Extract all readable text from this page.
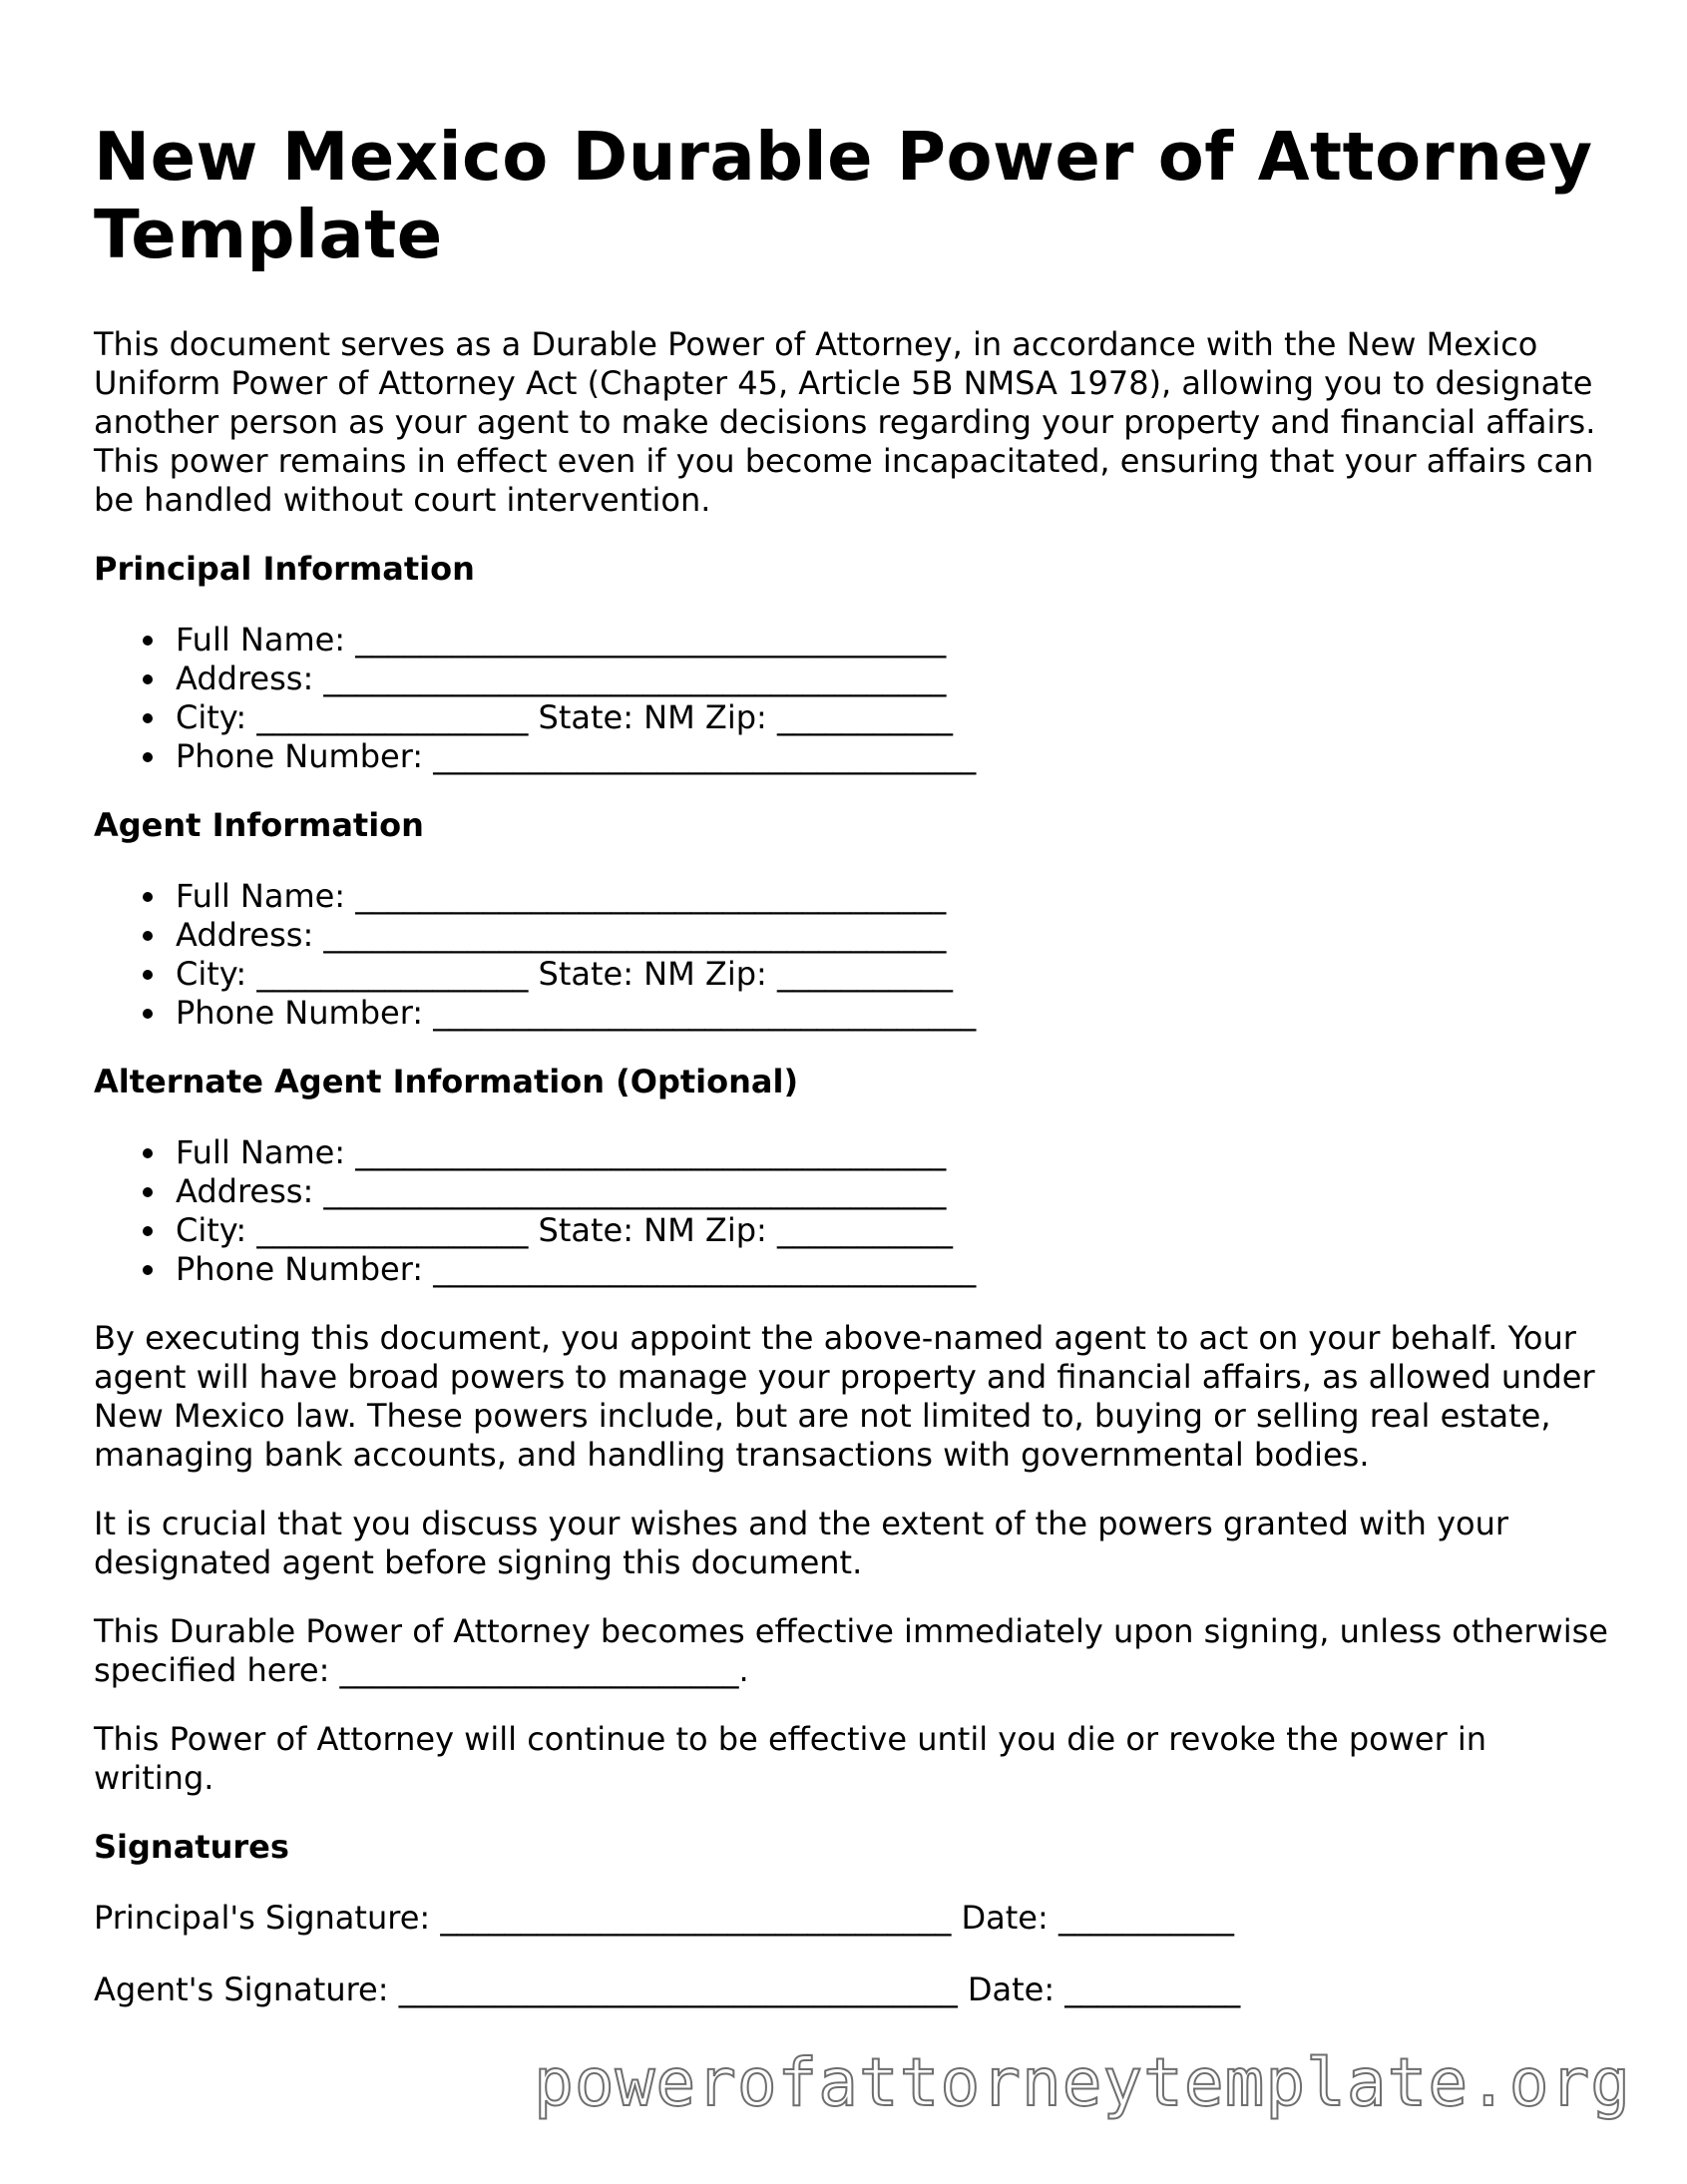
New Mexico Durable Power of Attorney Template

This document serves as a Durable Power of Attorney, in accordance with the New Mexico Uniform Power of Attorney Act (Chapter 45, Article 5B NMSA 1978), allowing you to designate another person as your agent to make decisions regarding your property and financial affairs. This power remains in effect even if you become incapacitated, ensuring that your affairs can be handled without court intervention.

Principal Information
Full Name: _____________________________________
Address: _______________________________________
City: _________________ State: NM Zip: ___________
Phone Number: __________________________________
Agent Information
Full Name: _____________________________________
Address: _______________________________________
City: _________________ State: NM Zip: ___________
Phone Number: __________________________________
Alternate Agent Information (Optional)
Full Name: _____________________________________
Address: _______________________________________
City: _________________ State: NM Zip: ___________
Phone Number: __________________________________

By executing this document, you appoint the above-named agent to act on your behalf. Your agent will have broad powers to manage your property and financial affairs, as allowed under New Mexico law. These powers include, but are not limited to, buying or selling real estate, managing bank accounts, and handling transactions with governmental bodies.

It is crucial that you discuss your wishes and the extent of the powers granted with your designated agent before signing this document.

This Durable Power of Attorney becomes effective immediately upon signing, unless otherwise specified here: _________________________.

This Power of Attorney will continue to be effective until you die or revoke the power in writing.

Signatures

Principal's Signature: ________________________________ Date: ___________

Agent's Signature: ___________________________________ Date: ___________

powerofattorneytemplate.org
